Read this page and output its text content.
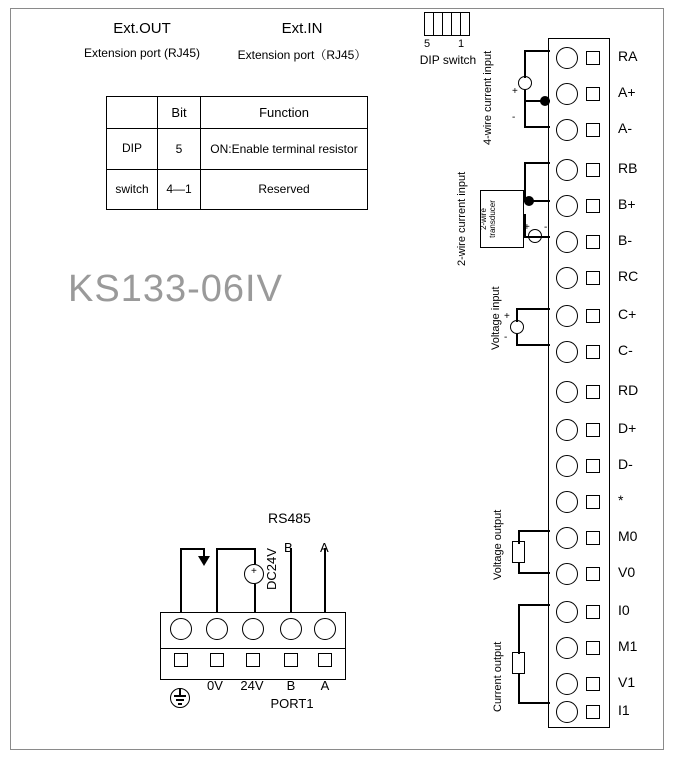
Ext.OUT
Extension port (RJ45)
Ext.IN
Extension port（RJ45）
5	1
DIP switch
	Bit	Function
DIP	5	ON:Enable terminal resistor
switch	4—1	Reserved
KS133-06IV
RA
A+
A-
RB
B+
B-
RC
C+
C-
RD
D+
D-
*
M0
V0
I0
M1
V1
I1
+
-
4-wire current input
2-wire transducer	+ -
2-wire current input
+
-
Voltage input
Voltage output
Current output
0V	24V	B	A
PORT1
+ DC24V
B A
RS485
